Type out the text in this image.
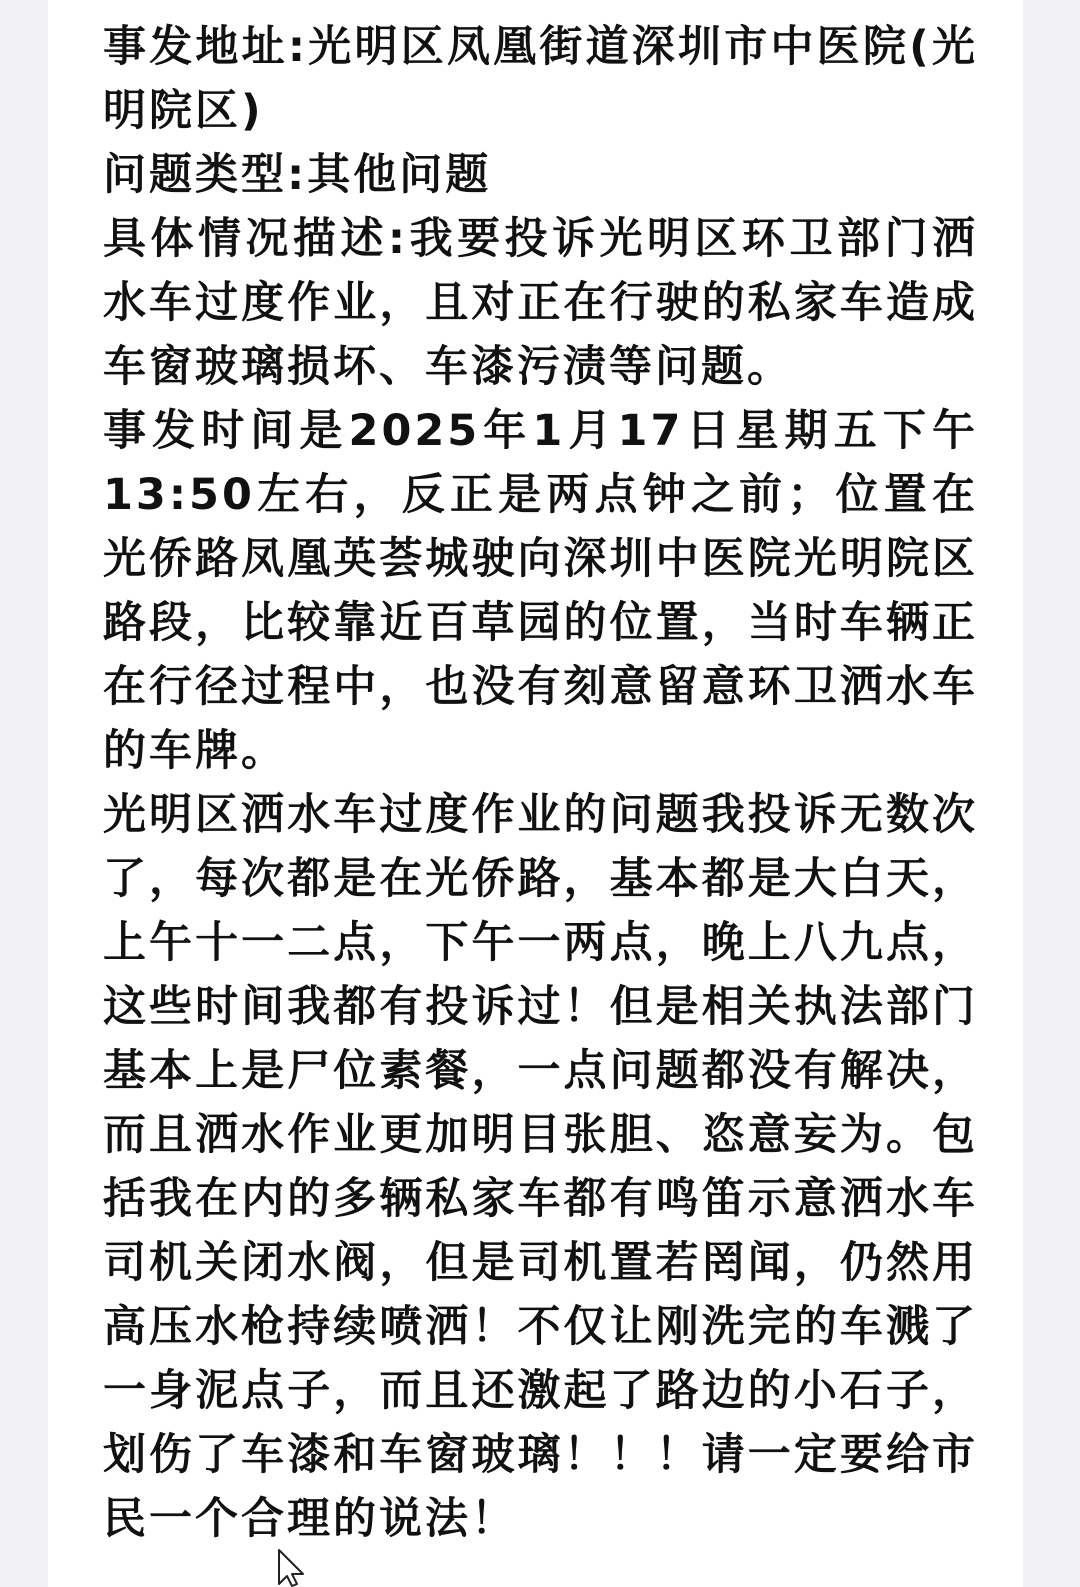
事发地址:光明区凤凰街道深圳市中医院(光明院区)

问题类型:其他问题

具体情况描述:我要投诉光明区环卫部门洒水车过度作业，且对正在行驶的私家车造成车窗玻璃损坏、车漆污渍等问题。

事发时间是2025年1月17日星期五下午13:50左右，反正是两点钟之前；位置在光侨路凤凰英荟城驶向深圳中医院光明院区路段，比较靠近百草园的位置，当时车辆正在行径过程中，也没有刻意留意环卫洒水车的车牌。

光明区洒水车过度作业的问题我投诉无数次了，每次都是在光侨路，基本都是大白天，上午十一二点，下午一两点，晚上八九点，这些时间我都有投诉过！但是相关执法部门基本上是尸位素餐，一点问题都没有解决，而且洒水作业更加明目张胆、恣意妄为。包括我在内的多辆私家车都有鸣笛示意洒水车司机关闭水阀，但是司机置若罔闻，仍然用高压水枪持续喷洒！不仅让刚洗完的车溅了一身泥点子，而且还激起了路边的小石子，划伤了车漆和车窗玻璃！！！请一定要给市民一个合理的说法！
